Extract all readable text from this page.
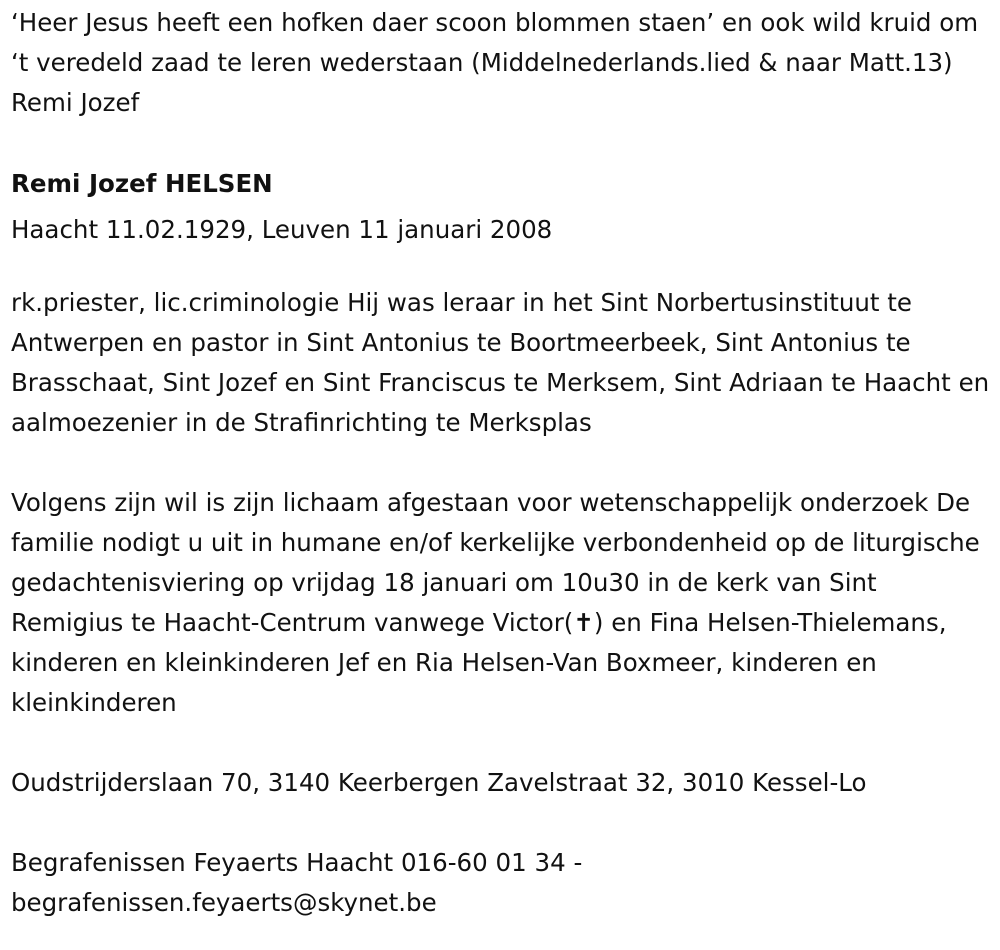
‘Heer Jesus heeft een hofken daer scoon blommen staen’ en ook wild kruid om ‘t veredeld zaad te leren wederstaan (Middelnederlands.lied & naar Matt.13) Remi Jozef

Remi Jozef HELSEN

Haacht 11.02.1929, Leuven 11 januari 2008

rk.priester, lic.criminologie Hij was leraar in het Sint Norbertusinstituut te Antwerpen en pastor in Sint Antonius te Boortmeerbeek, Sint Antonius te Brasschaat, Sint Jozef en Sint Franciscus te Merksem, Sint Adriaan te Haacht en aalmoezenier in de Strafinrichting te Merksplas

Volgens zijn wil is zijn lichaam afgestaan voor wetenschappelijk onderzoek De familie nodigt u uit in humane en/of kerkelijke verbondenheid op de liturgische gedachtenisviering op vrijdag 18 januari om 10u30 in de kerk van Sint Remigius te Haacht-Centrum vanwege Victor(✝) en Fina Helsen-Thielemans, kinderen en kleinkinderen Jef en Ria Helsen-Van Boxmeer, kinderen en kleinkinderen

Oudstrijderslaan 70, 3140 Keerbergen Zavelstraat 32, 3010 Kessel-Lo

Begrafenissen Feyaerts Haacht 016-60 01 34 - begrafenissen.feyaerts@skynet.be
